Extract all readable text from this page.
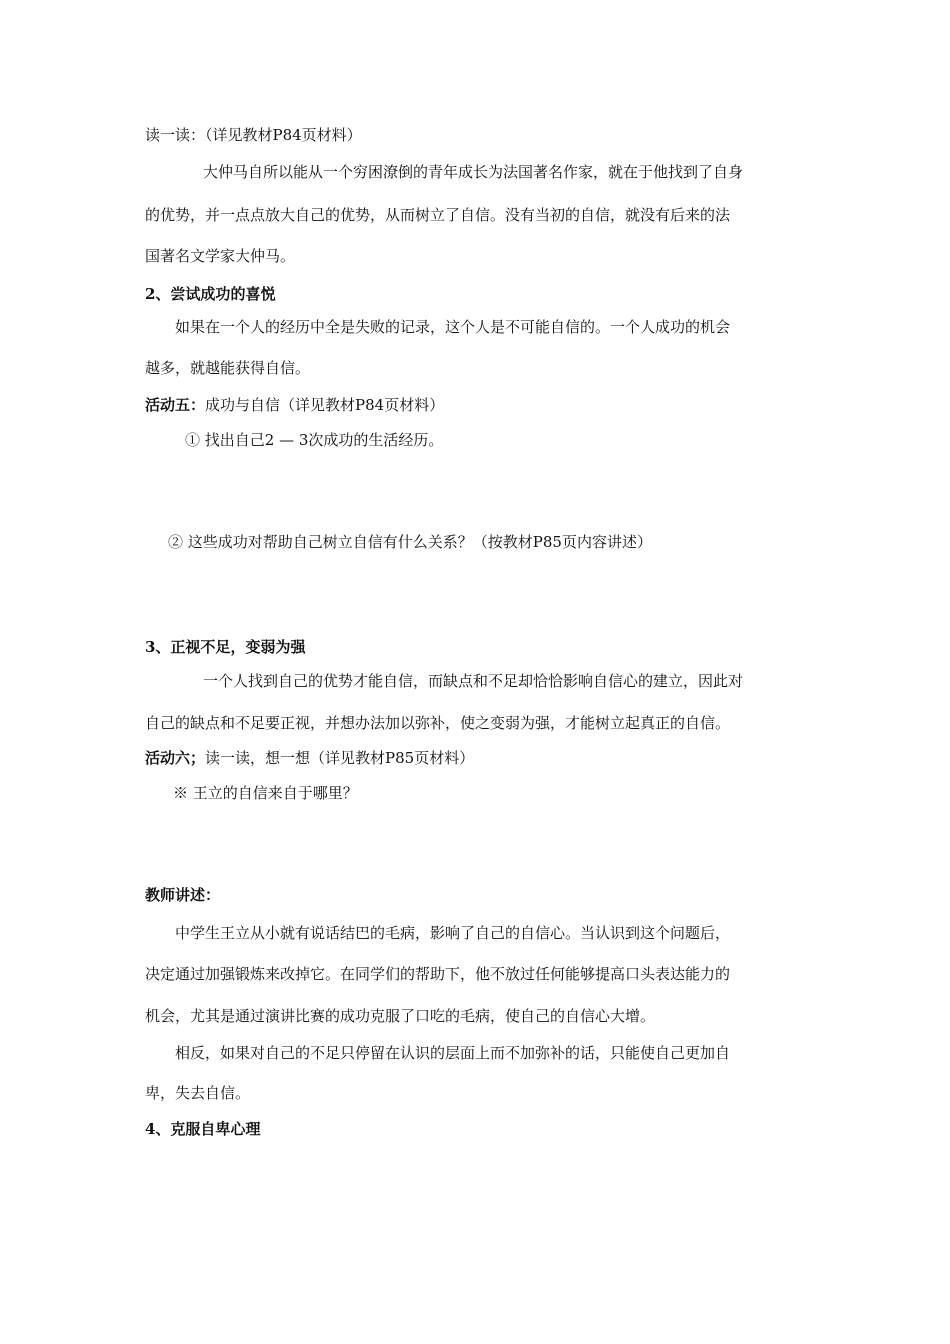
读一读：（详见教材P84页材料）
大仲马自所以能从一个穷困潦倒的青年成长为法国著名作家，就在于他找到了自身
的优势，并一点点放大自己的优势，从而树立了自信。没有当初的自信，就没有后来的法
国著名文学家大仲马。
2、尝试成功的喜悦
如果在一个人的经历中全是失败的记录，这个人是不可能自信的。一个人成功的机会
越多，就越能获得自信。
活动五：成功与自信（详见教材P84页材料）
① 找出自己2 — 3次成功的生活经历。
② 这些成功对帮助自己树立自信有什么关系？（按教材P85页内容讲述）
3、正视不足，变弱为强
一个人找到自己的优势才能自信，而缺点和不足却恰恰影响自信心的建立，因此对
自己的缺点和不足要正视，并想办法加以弥补，使之变弱为强，才能树立起真正的自信。
活动六；读一读，想一想（详见教材P85页材料）
※ 王立的自信来自于哪里？
教师讲述：
中学生王立从小就有说话结巴的毛病，影响了自己的自信心。当认识到这个问题后，
决定通过加强锻炼来改掉它。在同学们的帮助下，他不放过任何能够提高口头表达能力的
机会，尤其是通过演讲比赛的成功克服了口吃的毛病，使自己的自信心大增。
相反，如果对自己的不足只停留在认识的层面上而不加弥补的话，只能使自己更加自
卑，失去自信。
4、克服自卑心理
